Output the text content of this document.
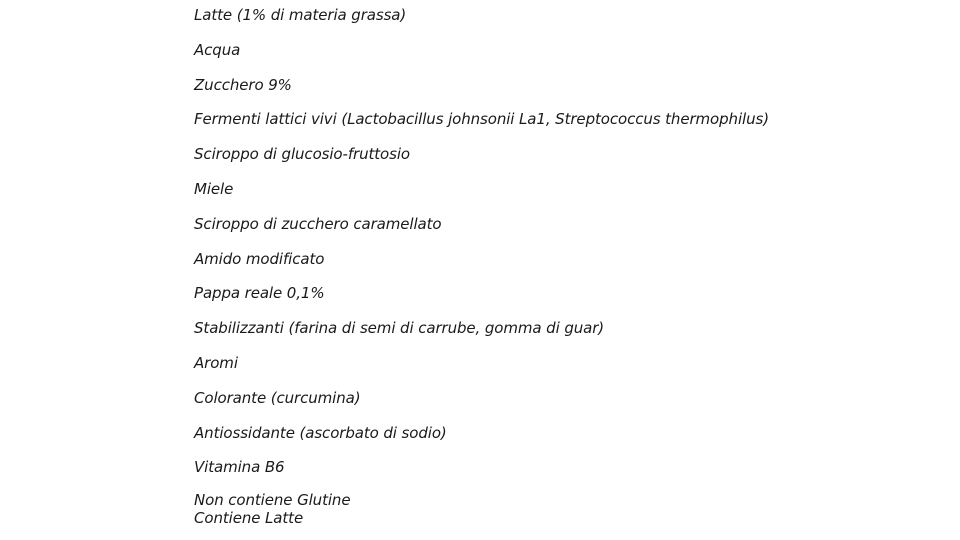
Latte (1% di materia grassa)
Acqua
Zucchero 9%
Fermenti lattici vivi (Lactobacillus johnsonii La1, Streptococcus thermophilus)
Sciroppo di glucosio-fruttosio
Miele
Sciroppo di zucchero caramellato
Amido modificato
Pappa reale 0,1%
Stabilizzanti (farina di semi di carrube, gomma di guar)
Aromi
Colorante (curcumina)
Antiossidante (ascorbato di sodio)
Vitamina B6
Non contiene Glutine
Contiene Latte
